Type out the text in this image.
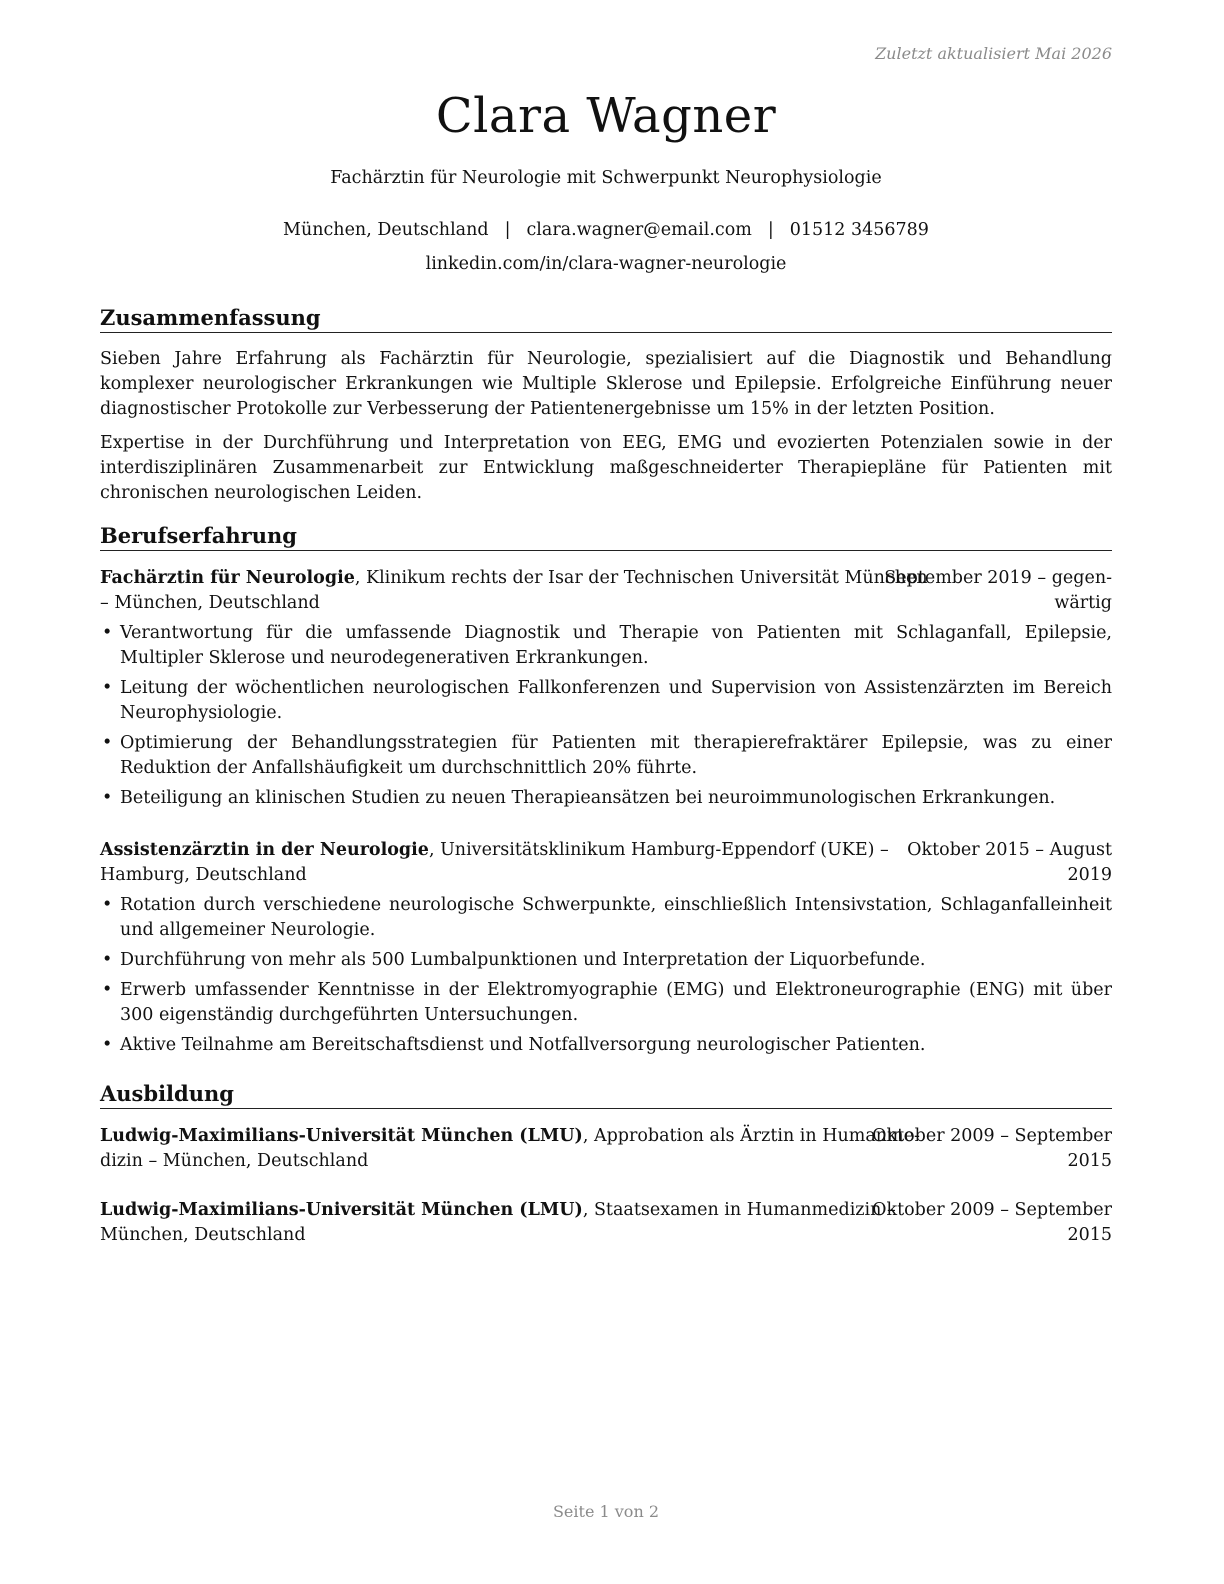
Zuletzt aktualisiert Mai 2026
Clara Wagner
Fachärztin für Neurologie mit Schwerpunkt Neurophysiologie
München, Deutschland | clara.wagner@email.com | 01512 3456789
linkedin.com/in/clara-wagner-neurologie
Zusammenfassung
Sieben Jahre Erfahrung als Fachärztin für Neurologie, spezialisiert auf die Diagnostik und Behandlung komplexer neurologischer Erkrankungen wie Multiple Sklerose und Epilepsie. Erfolgreiche Einführung neuer diagnostischer Protokolle zur Verbesserung der Patientenergebnisse um 15% in der letzten Position.
Expertise in der Durchführung und Interpretation von EEG, EMG und evozierten Potenzialen sowie in der interdisziplinären Zusammenarbeit zur Entwicklung maßgeschneiderter Therapiepläne für Patienten mit chronischen neurologischen Leiden.
Berufserfahrung
Fachärztin für Neurologie, Klinikum rechts der Isar der Technischen Universität München
– München, Deutschland
September 2019 – gegen-
wärtig
• Verantwortung für die umfassende Diagnostik und Therapie von Patienten mit Schlaganfall, Epilepsie, Multipler Sklerose und neurodegenerativen Erkrankungen.
• Leitung der wöchentlichen neurologischen Fallkonferenzen und Supervision von Assistenzärzten im Bereich Neurophysiologie.
• Optimierung der Behandlungsstrategien für Patienten mit therapierefraktärer Epilepsie, was zu einer Reduktion der Anfallshäufigkeit um durchschnittlich 20% führte.
• Beteiligung an klinischen Studien zu neuen Therapieansätzen bei neuroimmunologischen Erkrankungen.
Assistenzärztin in der Neurologie, Universitätsklinikum Hamburg-Eppendorf (UKE) –
Hamburg, Deutschland
Oktober 2015 – August
2019
• Rotation durch verschiedene neurologische Schwerpunkte, einschließlich Intensivstation, Schlaganfalleinheit und allgemeiner Neurologie.
• Durchführung von mehr als 500 Lumbalpunktionen und Interpretation der Liquorbefunde.
• Erwerb umfassender Kenntnisse in der Elektromyographie (EMG) und Elektroneurographie (ENG) mit über 300 eigenständig durchgeführten Untersuchungen.
• Aktive Teilnahme am Bereitschaftsdienst und Notfallversorgung neurologischer Patienten.
Ausbildung
Ludwig-Maximilians-Universität München (LMU), Approbation als Ärztin in Humanme-
dizin – München, Deutschland
Oktober 2009 – September
2015
Ludwig-Maximilians-Universität München (LMU), Staatsexamen in Humanmedizin –
München, Deutschland
Oktober 2009 – September
2015
Seite 1 von 2
